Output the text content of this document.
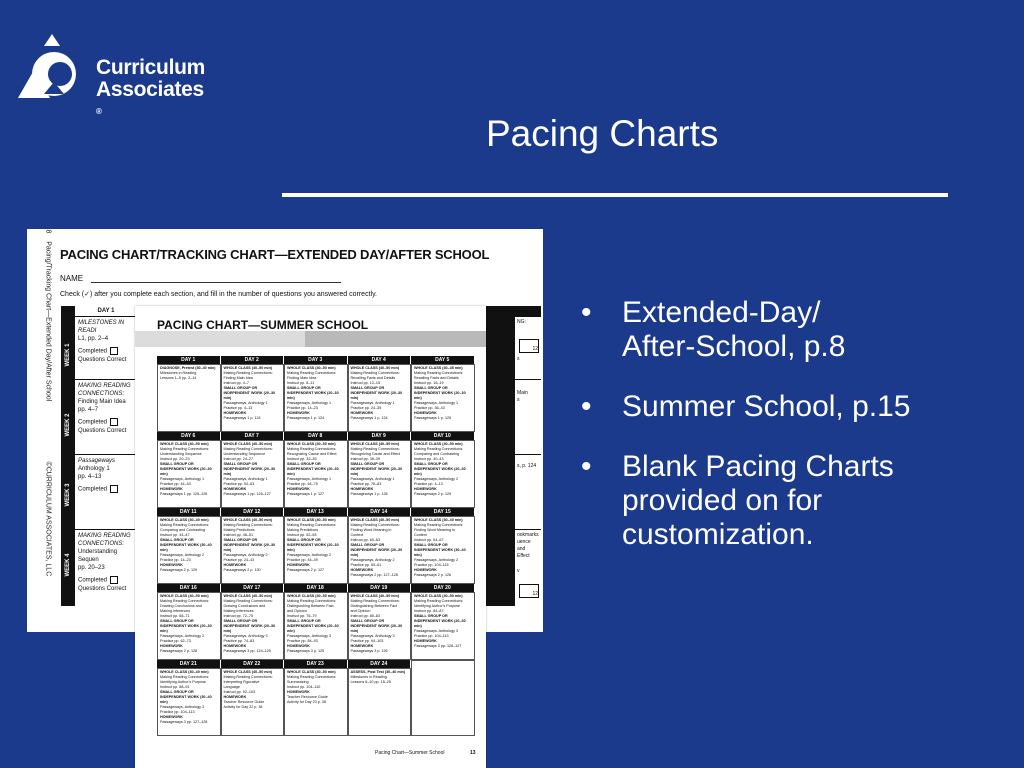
Curriculum
Associates
®
Pacing Charts
• Extended-Day/
After-School, p.8
• Summer School, p.15
• Blank Pacing Charts
provided on for
customization.
8    Pacing/Tracking Chart—Extended Day/After School                               ©CURRICULUM ASSOCIATES, LLC
PACING CHART/TRACKING CHART—EXTENDED DAY/AFTER SCHOOL
NAME
Check (✓) after you complete each section, and fill in the number of questions you answered correctly.
WEEK 1
WEEK 2
WEEK 3
WEEK 4
DAY 1
MILESTONES IN READI
L1, pp. 2–4
Completed
Questions Correct
MAKING READING
CONNECTIONS:
Finding Main Idea
pp. 4–7
Completed
Questions Correct
Passageways
Anthology 1
pp. 4–13
Completed
MAKING READING
CONNECTIONS:
Understanding Sequen
pp. 20–23
Completed
Questions Correct
NG:
12
s
Main
s
s, p. 124
ookmarks
uence and
Effect
v
12
PACING CHART—SUMMER SCHOOL
DAY 1
DIAGNOSE, Pretest (30–40 min)
Milestones in Reading
Lessons 1–5 pp. 2–14
DAY 2
WHOLE CLASS (40–50 min)
Making Reading Connections:
Finding Main Idea
Instruct pp. 4–7
SMALL GROUP OR
INDEPENDENT WORK (20–30 min)
Passageways, Anthology 1
Practice pp. 4–13
HOMEWORK
Passageways 1 p. 124
DAY 3
WHOLE CLASS (40–50 min)
Making Reading Connections:
Finding Main Idea
Instruct pp. 8–11
SMALL GROUP OR
INDEPENDENT WORK (20–30 min)
Passageways, Anthology 1
Practice pp. 14–23
HOMEWORK
Passageways 1 p. 124
DAY 4
WHOLE CLASS (40–50 min)
Making Reading Connections:
Recalling Facts and Details
Instruct pp. 12–15
SMALL GROUP OR
INDEPENDENT WORK (20–30 min)
Passageways, Anthology 1
Practice pp. 24–35
HOMEWORK
Passageways 1 p. 124
DAY 5
WHOLE CLASS (40–45 min)
Making Reading Connections:
Recalling Facts and Details
Instruct pp. 16–19
SMALL GROUP OR
INDEPENDENT WORK (20–30 min)
Passageways, Anthology 1
Practice pp. 36–43
HOMEWORK
Passageways 1 p. 125
DAY 6
WHOLE CLASS (40–50 min)
Making Reading Connections:
Understanding Sequence
Instruct pp. 20–23
SMALL GROUP OR
INDEPENDENT WORK (20–30 min)
Passageways, Anthology 1
Practice pp. 44–53
HOMEWORK
Passageways 1 pp. 125–126
DAY 7
WHOLE CLASS (40–50 min)
Making Reading Connections:
Understanding Sequence
Instruct pp. 24–27
SMALL GROUP OR
INDEPENDENT WORK (20–30 min)
Passageways, Anthology 1
Practice pp. 54–63
HOMEWORK
Passageways 1 pp. 126–127
DAY 8
WHOLE CLASS (40–50 min)
Making Reading Connections:
Recognizing Cause and Effect
Instruct pp. 32–35
SMALL GROUP OR
INDEPENDENT WORK (20–30 min)
Passageways, Anthology 1
Practice pp. 64–75
HOMEWORK
Passageways 1 p. 127
DAY 9
WHOLE CLASS (40–50 min)
Making Reading Connections:
Recognizing Cause and Effect
Instruct pp. 36–39
SMALL GROUP OR
INDEPENDENT WORK (20–30 min)
Passageways, Anthology 1
Practice pp. 76–83
HOMEWORK
Passageways 1 p. 128
DAY 10
WHOLE CLASS (40–50 min)
Making Reading Connections:
Comparing and Contrasting
Instruct pp. 40–43
SMALL GROUP OR
INDEPENDENT WORK (20–30 min)
Passageways, Anthology 2
Practice pp. 4–13
HOMEWORK
Passageways 2 p. 129
DAY 11
WHOLE CLASS (30–40 min)
Making Reading Connections:
Comparing and Contrasting
Instruct pp. 44–47
SMALL GROUP OR
INDEPENDENT WORK (30–40 min)
Passageways, Anthology 2
Practice pp. 14–23
HOMEWORK
Passageways 2 p. 129
DAY 12
WHOLE CLASS (40–50 min)
Making Reading Connections:
Making Predictions
Instruct pp. 48–51
SMALL GROUP OR
INDEPENDENT WORK (20–30 min)
Passageways, Anthology 2
Practice pp. 24–43
HOMEWORK
Passageways 2 p. 130
DAY 13
WHOLE CLASS (40–50 min)
Making Reading Connections:
Making Predictions
Instruct pp. 52–55
SMALL GROUP OR
INDEPENDENT WORK (20–30 min)
Passageways, Anthology 2
Practice pp. 44–49
HOMEWORK
Passageways 2 p. 127
DAY 14
WHOLE CLASS (40–50 min)
Making Reading Connections:
Finding Word Meaning in
Context
Instruct pp. 60–63
SMALL GROUP OR
INDEPENDENT WORK (20–30 min)
Passageways, Anthology 2
Practice pp. 50–61
HOMEWORK
Passageways 2 pp. 127–128
DAY 15
WHOLE CLASS (30–40 min)
Making Reading Connections:
Finding Word Meaning in
Context
Instruct pp. 64–67
SMALL GROUP OR
INDEPENDENT WORK (30–40 min)
Passageways, Anthology 2
Practice pp. 104–115
HOMEWORK
Passageways 2 p. 126
DAY 16
WHOLE CLASS (40–50 min)
Making Reading Connections:
Drawing Conclusions and
Making Inferences
Instruct pp. 68–71
SMALL GROUP OR
INDEPENDENT WORK (20–30 min)
Passageways, Anthology 2
Practice pp. 62–73
HOMEWORK
Passageways 2 p. 128
DAY 17
WHOLE CLASS (40–50 min)
Making Reading Connections:
Drawing Conclusions and
Making Inferences
Instruct pp. 72–75
SMALL GROUP OR
INDEPENDENT WORK (20–30 min)
Passageways, Anthology 3
Practice pp. 74–83
HOMEWORK
Passageways 3 pp. 124–125
DAY 18
WHOLE CLASS (40–50 min)
Making Reading Connections:
Distinguishing Between Fact
and Opinion
Instruct pp. 76–79
SMALL GROUP OR
INDEPENDENT WORK (20–30 min)
Passageways, Anthology 3
Practice pp. 84–93
HOMEWORK
Passageways 3 p. 125
DAY 19
WHOLE CLASS (40–50 min)
Making Reading Connections:
Distinguishing Between Fact
and Opinion
Instruct pp. 80–83
SMALL GROUP OR
INDEPENDENT WORK (20–30 min)
Passageways, Anthology 3
Practice pp. 94–103
HOMEWORK
Passageways 3 p. 126
DAY 20
WHOLE CLASS (40–50 min)
Making Reading Connections:
Identifying Author’s Purpose
Instruct pp. 84–87
SMALL GROUP OR
INDEPENDENT WORK (20–30 min)
Passageways, Anthology 3
Practice pp. 104–113
HOMEWORK
Passageways 3 pp. 126–127
DAY 21
WHOLE CLASS (30–40 min)
Making Reading Connections:
Identifying Author’s Purpose
Instruct pp. 88–91
SMALL GROUP OR
INDEPENDENT WORK (30–40 min)
Passageways, Anthology 3
Practice pp. 104–113
HOMEWORK
Passageways 3 pp. 127–128
DAY 22
WHOLE CLASS (40–50 min)
Making Reading Connections:
Interpreting Figurative
Language
Instruct pp. 92–103
HOMEWORK
Teacher Resource Guide
Activity for Day 22 p. 38
DAY 23
WHOLE CLASS (40–50 min)
Making Reading Connections:
Summarizing
Instruct pp. 104–110
HOMEWORK
Teacher Resource Guide
Activity for Day 23 p. 38
DAY 24
ASSESS, Post Test (30–40 min)
Milestones in Reading
Lessons 6–10 pp. 15–25
Pacing Chart—Summer School	13
